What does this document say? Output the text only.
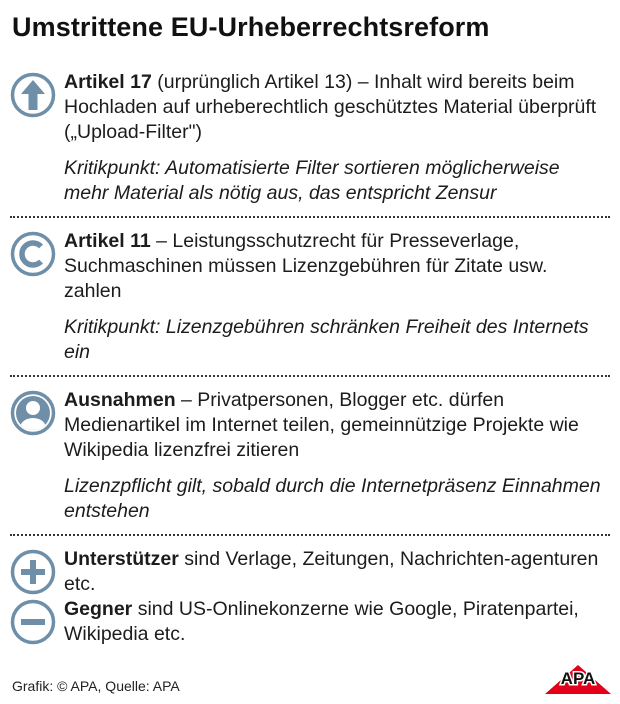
Umstrittene EU-Urheberrechtsreform
Artikel 17 (urprünglich Artikel 13) – Inhalt wird bereits beim Hochladen auf urheberechtlich geschütztes Material überprüft („Upload-Filter")
Kritikpunkt: Automatisierte Filter sortieren möglicherweise mehr Material als nötig aus, das entspricht Zensur
Artikel 11 – Leistungsschutzrecht für Presseverlage, Suchmaschinen müssen Lizenzgebühren für Zitate usw. zahlen
Kritikpunkt: Lizenzgebühren schränken Freiheit des Internets ein
Ausnahmen – Privatpersonen, Blogger etc. dürfen Medienartikel im Internet teilen, gemeinnützige Projekte wie Wikipedia lizenzfrei zitieren
Lizenzpflicht gilt, sobald durch die Internetpräsenz Einnahmen entstehen
Unterstützer sind Verlage, Zeitungen, Nachrichten-agenturen etc.
Gegner sind US-Onlinekonzerne wie Google, Piratenpartei, Wikipedia etc.
Grafik: © APA, Quelle: APA	APA
